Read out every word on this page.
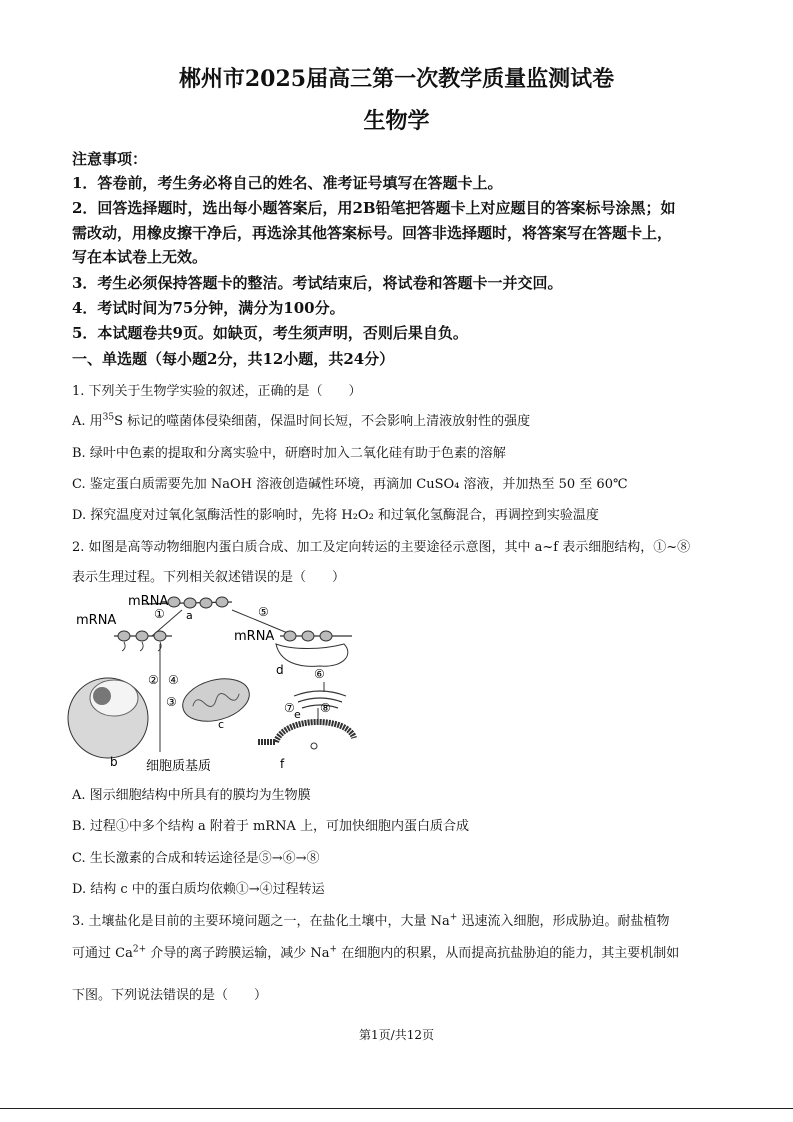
郴州市2025届高三第一次教学质量监测试卷
生物学
注意事项：
1．答卷前，考生务必将自己的姓名、准考证号填写在答题卡上。
2．回答选择题时，选出每小题答案后，用2B铅笔把答题卡上对应题目的答案标号涂黑；如
需改动，用橡皮擦干净后，再选涂其他答案标号。回答非选择题时，将答案写在答题卡上，
写在本试卷上无效。
3．考生必须保持答题卡的整洁。考试结束后，将试卷和答题卡一并交回。
4．考试时间为75分钟，满分为100分。
5．本试题卷共9页。如缺页，考生须声明，否则后果自负。
一、单选题（每小题2分，共12小题，共24分）
1. 下列关于生物学实验的叙述，正确的是（　　）
A. 用$^{35}$S 标记的噬菌体侵染细菌，保温时间长短，不会影响上清液放射性的强度
B. 绿叶中色素的提取和分离实验中，研磨时加入二氧化硅有助于色素的溶解
C. 鉴定蛋白质需要先加 NaOH 溶液创造碱性环境，再滴加 CuSO₄ 溶液，并加热至 50 至 60℃
D. 探究温度对过氧化氢酶活性的影响时，先将 H₂O₂ 和过氧化氢酶混合，再调控到实验温度
2. 如图是高等动物细胞内蛋白质合成、加工及定向转运的主要途径示意图，其中 a~f 表示细胞结构，①~⑧
表示生理过程。下列相关叙述错误的是（　　）
mRNA
① a	⑤
mRNA
mRNA
d	⑥
e
⑦ ⑧
f
b
② ④
③
c
细胞质基质
A. 图示细胞结构中所具有的膜均为生物膜
B. 过程①中多个结构 a 附着于 mRNA 上，可加快细胞内蛋白质合成
C. 生长激素的合成和转运途径是⑤→⑥→⑧
D. 结构 c 中的蛋白质均依赖①→④过程转运
3. 土壤盐化是目前的主要环境问题之一，在盐化土壤中，大量 Na+ 迅速流入细胞，形成胁迫。耐盐植物
可通过 $Ca^{2+}$ 介导的离子跨膜运输，减少 Na+ 在细胞内的积累，从而提高抗盐胁迫的能力，其主要机制如
下图。下列说法错误的是（　　）
第1页/共12页
